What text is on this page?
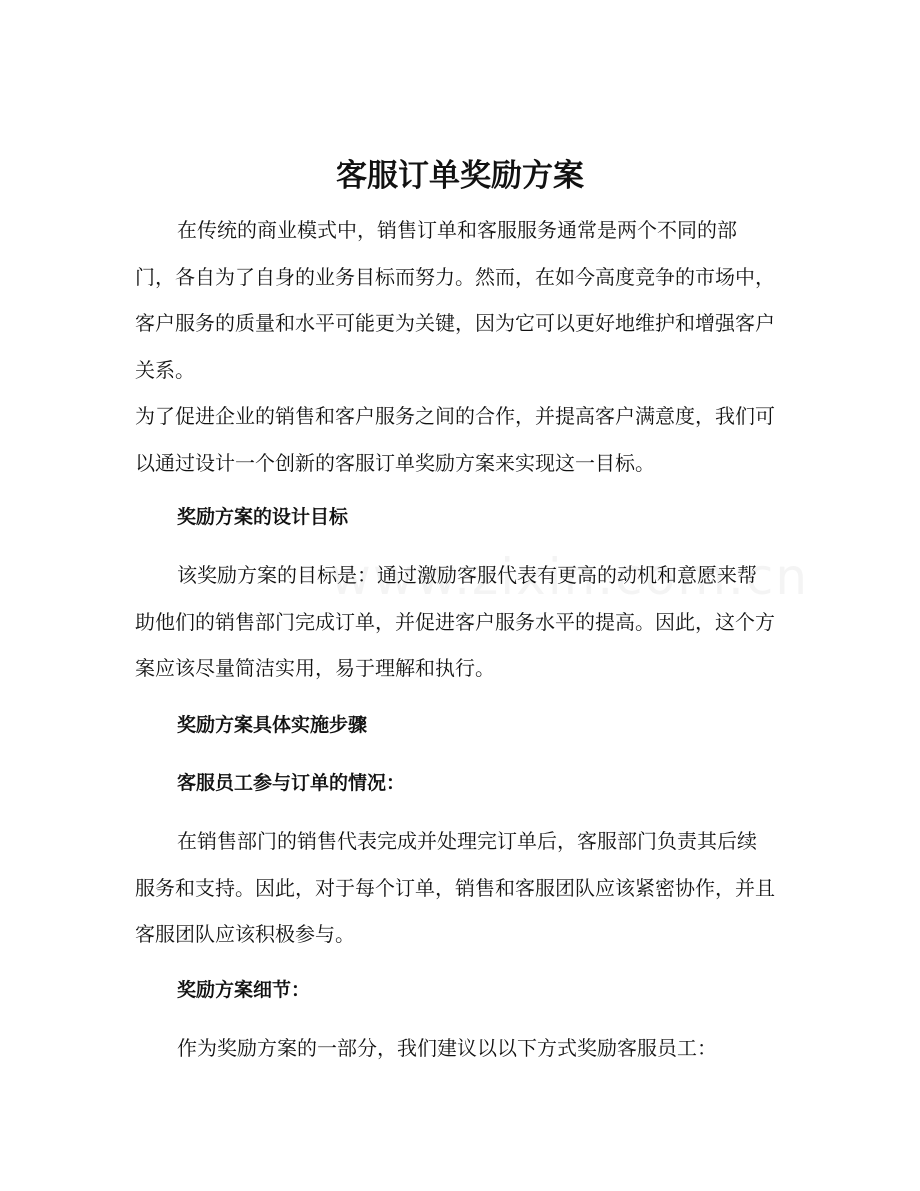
客服订单奖励方案

在传统的商业模式中，销售订单和客服服务通常是两个不同的部门，各自为了自身的业务目标而努力。然而，在如今高度竞争的市场中，客户服务的质量和水平可能更为关键，因为它可以更好地维护和增强客户关系。

为了促进企业的销售和客户服务之间的合作，并提高客户满意度，我们可以通过设计一个创新的客服订单奖励方案来实现这一目标。

奖励方案的设计目标

该奖励方案的目标是：通过激励客服代表有更高的动机和意愿来帮助他们的销售部门完成订单，并促进客户服务水平的提高。因此，这个方案应该尽量简洁实用，易于理解和执行。

奖励方案具体实施步骤
客服员工参与订单的情况：

在销售部门的销售代表完成并处理完订单后，客服部门负责其后续服务和支持。因此，对于每个订单，销售和客服团队应该紧密协作，并且客服团队应该积极参与。

奖励方案细节：

作为奖励方案的一部分，我们建议以以下方式奖励客服员工：
